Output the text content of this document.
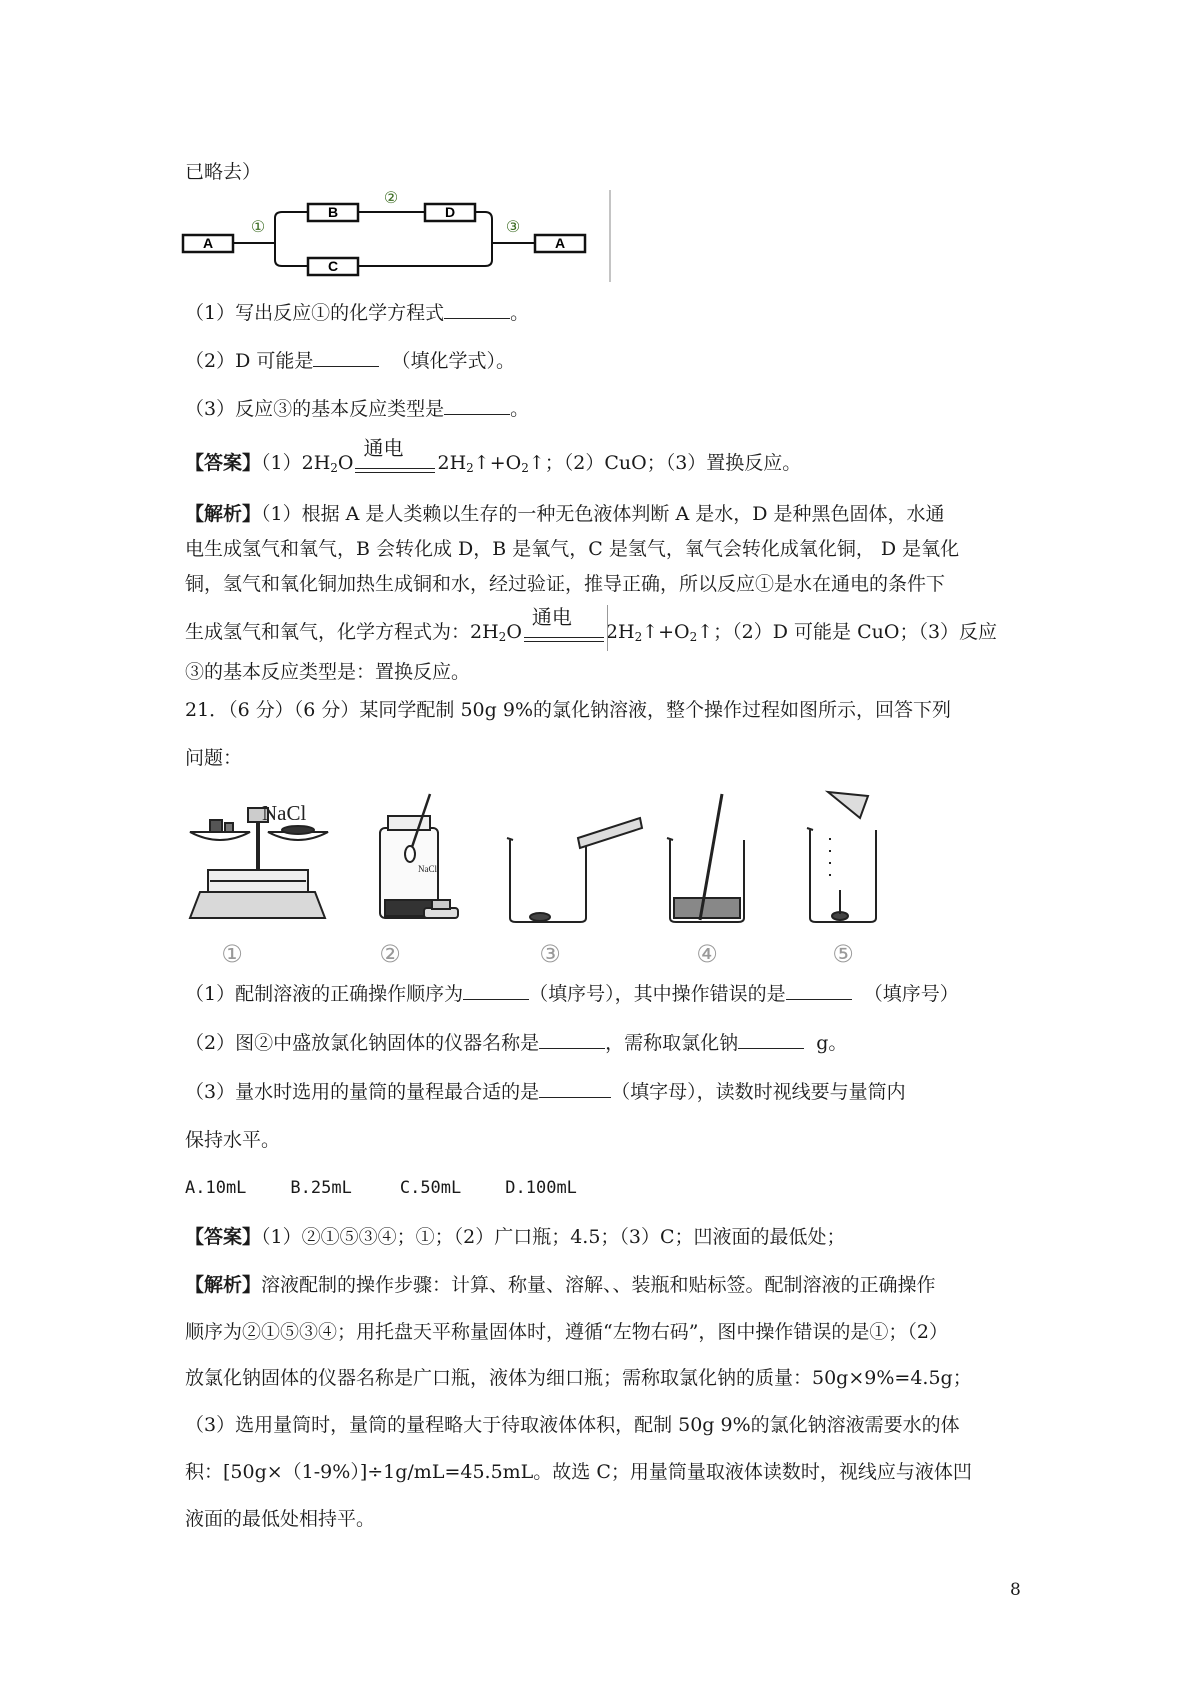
已略去）
A
①
B
C
②
D
③
A
（1）写出反应①的化学方程式	。
（2）D 可能是	（填化学式）。
（3）反应③的基本反应类型是	。
【答案】$(1)2H_2O$
通电
$2H_2↑+O_2↑$；（2）CuO；（3）置换反应。
【解析】（1）根据 A 是人类赖以生存的一种无色液体判断 A 是水，D 是种黑色固体，水通
电生成氢气和氧气，B 会转化成 D，B 是氧气，C 是氢气，氧气会转化成氧化铜， D 是氧化
铜，氢气和氧化铜加热生成铜和水，经过验证，推导正确，所以反应①是水在通电的条件下
生成氢气和氧气，化学方程式为：$2H_2O$
通电
$2H_2↑+O_2↑$；（2）D 可能是 CuO；（3）反应
③的基本反应类型是：置换反应。
21．（6 分）（6 分）某同学配制 50g 9%的氯化钠溶液，整个操作过程如图所示，回答下列
问题：
NaCl
NaCl
①	②	③	④	⑤
（1）配制溶液的正确操作顺序为	（填序号），其中操作错误的是	（填序号）
（2）图②中盛放氯化钠固体的仪器名称是	，需称取氯化钠	g。
（3）量水时选用的量筒的量程最合适的是	（填字母），读数时视线要与量筒内
保持水平。
A.10mL	B.25mL	C.50mL	D.100mL
【答案】（1）②①⑤③④；①；（2）广口瓶；4.5；（3）C；凹液面的最低处；
【解析】溶液配制的操作步骤：计算、称量、溶解、、装瓶和贴标签。配制溶液的正确操作
顺序为②①⑤③④；用托盘天平称量固体时，遵循“左物右码”，图中操作错误的是①；（2）
放氯化钠固体的仪器名称是广口瓶，液体为细口瓶；需称取氯化钠的质量：50g×9%=4.5g；
（3）选用量筒时，量筒的量程略大于待取液体体积，配制 50g 9%的氯化钠溶液需要水的体
积：[50g×（1-9%）]÷1g/mL=45.5mL。故选 C；用量筒量取液体读数时，视线应与液体凹
液面的最低处相持平。
8
